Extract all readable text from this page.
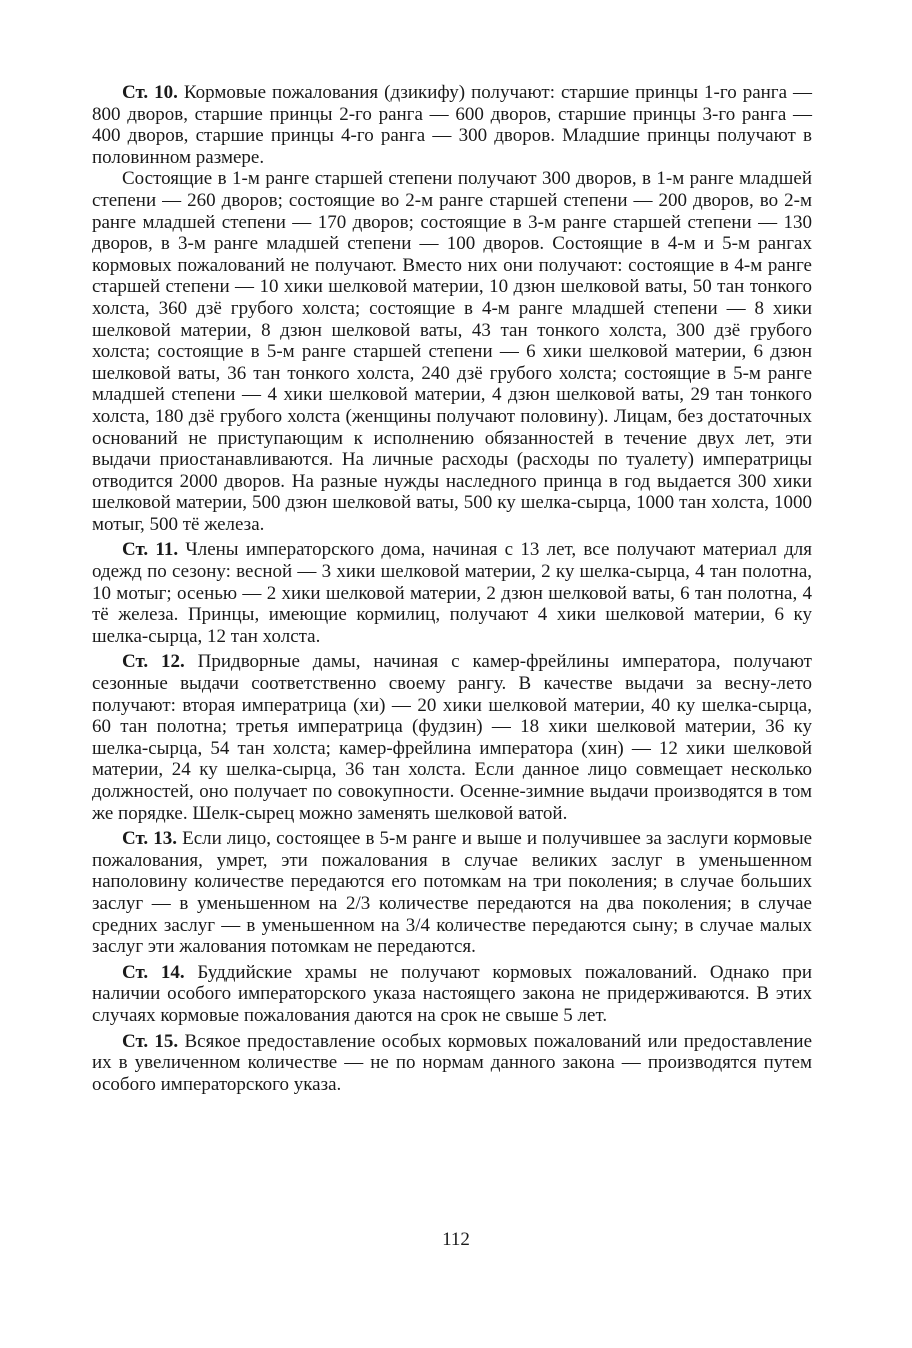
Ст. 10. Кормовые пожалования (дзикифу) получают: старшие принцы 1-го ранга — 800 дворов, старшие принцы 2-го ранга — 600 дворов, старшие принцы 3-го ранга — 400 дворов, старшие принцы 4-го ранга — 300 дворов. Младшие принцы получают в половинном размере.

Состоящие в 1-м ранге старшей степени получают 300 дворов, в 1-м ранге младшей степени — 260 дворов; состоящие во 2-м ранге старшей степени — 200 дворов, во 2-м ранге младшей степени — 170 дворов; состоящие в 3-м ранге старшей степени — 130 дворов, в 3-м ранге младшей степени — 100 дворов. Состоящие в 4-м и 5-м рангах кормовых пожалований не получают. Вместо них они получают: состоящие в 4-м ранге старшей степени — 10 хики шелковой материи, 10 дзюн шелковой ваты, 50 тан тонкого холста, 360 дзё грубого холста; состоящие в 4-м ранге младшей степени — 8 хики шелковой материи, 8 дзюн шелковой ваты, 43 тан тонкого холста, 300 дзё грубого холста; состоящие в 5-м ранге старшей степени — 6 хики шелковой материи, 6 дзюн шелковой ваты, 36 тан тонкого холста, 240 дзё грубого холста; состоящие в 5-м ранге младшей степени — 4 хики шелковой материи, 4 дзюн шелковой ваты, 29 тан тонкого холста, 180 дзё грубого холста (женщины получают половину). Лицам, без достаточных оснований не приступающим к исполнению обязанностей в течение двух лет, эти выдачи приостанавливаются. На личные расходы (расходы по туалету) императрицы отводится 2000 дворов. На разные нужды наследного принца в год выдается 300 хики шелковой материи, 500 дзюн шелковой ваты, 500 ку шелка-сырца, 1000 тан холста, 1000 мотыг, 500 тё железа.

Ст. 11. Члены императорского дома, начиная с 13 лет, все получают материал для одежд по сезону: весной — 3 хики шелковой материи, 2 ку шелка-сырца, 4 тан полотна, 10 мотыг; осенью — 2 хики шелковой материи, 2 дзюн шелковой ваты, 6 тан полотна, 4 тё железа. Принцы, имеющие кормилиц, получают 4 хики шелковой материи, 6 ку шелка-сырца, 12 тан холста.

Ст. 12. Придворные дамы, начиная с камер-фрейлины императора, получают сезонные выдачи соответственно своему рангу. В качестве выдачи за весну-лето получают: вторая императрица (хи) — 20 хики шелковой материи, 40 ку шелка-сырца, 60 тан полотна; третья императрица (фудзин) — 18 хики шелковой материи, 36 ку шелка-сырца, 54 тан холста; камер-фрейлина императора (хин) — 12 хики шелковой материи, 24 ку шелка-сырца, 36 тан холста. Если данное лицо совмещает несколько должностей, оно получает по совокупности. Осенне-зимние выдачи производятся в том же порядке. Шелк-сырец можно заменять шелковой ватой.

Ст. 13. Если лицо, состоящее в 5-м ранге и выше и получившее за заслуги кормовые пожалования, умрет, эти пожалования в случае великих заслуг в уменьшенном наполовину количестве передаются его потомкам на три поколения; в случае больших заслуг — в уменьшенном на 2/3 количестве передаются на два поколения; в случае средних заслуг — в уменьшенном на 3/4 количестве передаются сыну; в случае малых заслуг эти жалования потомкам не передаются.

Ст. 14. Буддийские храмы не получают кормовых пожалований. Однако при наличии особого императорского указа настоящего закона не придерживаются. В этих случаях кормовые пожалования даются на срок не свыше 5 лет.

Ст. 15. Всякое предоставление особых кормовых пожалований или предоставление их в увеличенном количестве — не по нормам данного закона — производятся путем особого императорского указа.

112
